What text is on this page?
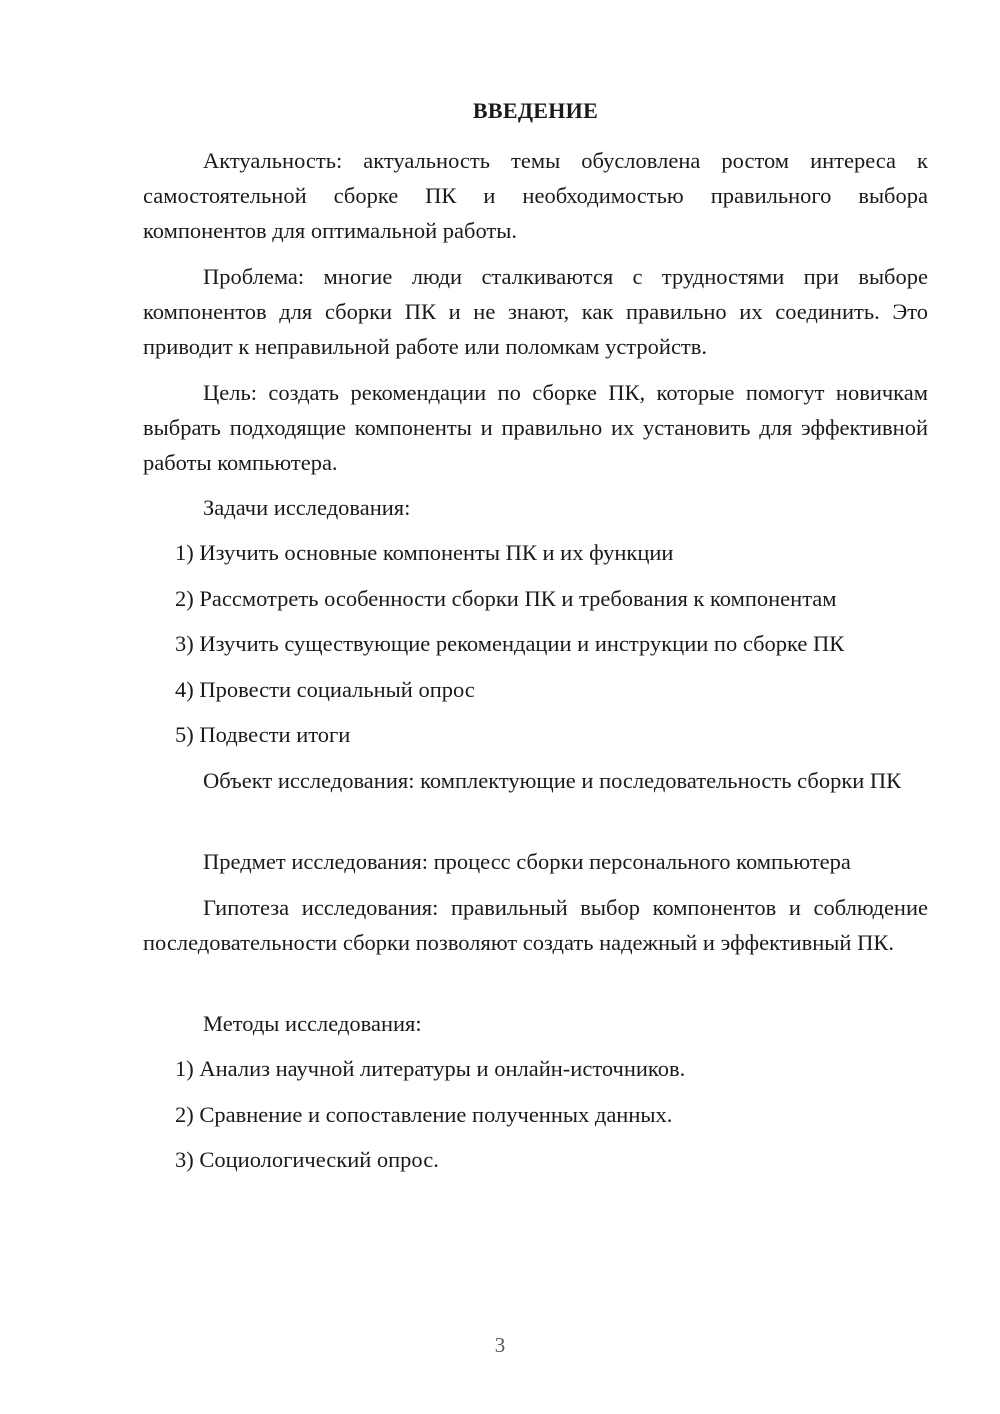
ВВЕДЕНИЕ

Актуальность: актуальность темы обусловлена ростом интереса к самостоятельной сборке ПК и необходимостью правильного выбора компонентов для оптимальной работы.

Проблема: многие люди сталкиваются с трудностями при выборе компонентов для сборки ПК и не знают, как правильно их соединить. Это приводит к неправильной работе или поломкам устройств.

Цель: создать рекомендации по сборке ПК, которые помогут новичкам выбрать подходящие компоненты и правильно их установить для эффективной работы компьютера.

Задачи исследования:

1) Изучить основные компоненты ПК и их функции

2) Рассмотреть особенности сборки ПК и требования к компонентам

3) Изучить существующие рекомендации и инструкции по сборке ПК

4) Провести социальный опрос

5) Подвести итоги

Объект исследования: комплектующие и последовательность сборки ПК

Предмет исследования: процесс сборки персонального компьютера

Гипотеза исследования: правильный выбор компонентов и соблюдение последовательности сборки позволяют создать надежный и эффективный ПК.

Методы исследования:

1) Анализ научной литературы и онлайн-источников.

2) Сравнение и сопоставление полученных данных.

3) Социологический опрос.

3
